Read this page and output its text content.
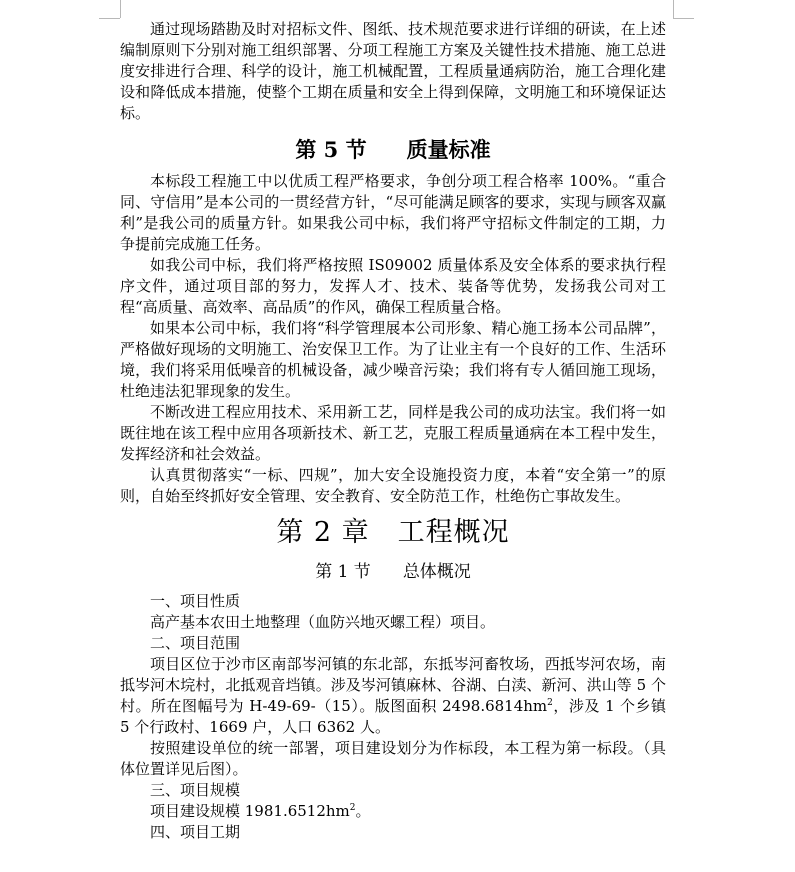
通过现场踏勘及时对招标文件、图纸、技术规范要求进行详细的研读，在上述编制原则下分别对施工组织部署、分项工程施工方案及关键性技术措施、施工总进度安排进行合理、科学的设计，施工机械配置，工程质量通病防治，施工合理化建设和降低成本措施，使整个工期在质量和安全上得到保障，文明施工和环境保证达标。

第 5 节 质量标准

本标段工程施工中以优质工程严格要求，争创分项工程合格率 100%。“重合同、守信用”是本公司的一贯经营方针，“尽可能满足顾客的要求，实现与顾客双赢利”是我公司的质量方针。如果我公司中标，我们将严守招标文件制定的工期，力争提前完成施工任务。

如我公司中标，我们将严格按照 IS09002 质量体系及安全体系的要求执行程序文件，通过项目部的努力，发挥人才、技术、装备等优势，发扬我公司对工程“高质量、高效率、高品质”的作风，确保工程质量合格。

如果本公司中标，我们将“科学管理展本公司形象、精心施工扬本公司品牌”，严格做好现场的文明施工、治安保卫工作。为了让业主有一个良好的工作、生活环境，我们将采用低噪音的机械设备，减少噪音污染；我们将有专人循回施工现场，杜绝违法犯罪现象的发生。

不断改进工程应用技术、采用新工艺，同样是我公司的成功法宝。我们将一如既往地在该工程中应用各项新技术、新工艺，克服工程质量通病在本工程中发生，发挥经济和社会效益。

认真贯彻落实“一标、四规”，加大安全设施投资力度，本着“安全第一”的原则，自始至终抓好安全管理、安全教育、安全防范工作，杜绝伤亡事故发生。

第 2 章 工程概况
第 1 节 总体概况

一、项目性质

高产基本农田土地整理（血防兴地灭螺工程）项目。

二、项目范围

项目区位于沙市区南部岑河镇的东北部，东抵岑河畜牧场，西抵岑河农场，南抵岑河木垸村，北抵观音垱镇。涉及岑河镇麻林、谷湖、白渎、新河、洪山等 5 个村。所在图幅号为 H-49-69-（15）。版图面积 $2498.6814hm^2$，涉及 1 个乡镇 5 个行政村、1669 户，人口 6362 人。

按照建设单位的统一部署，项目建设划分为作标段，本工程为第一标段。（具体位置详见后图）。

三、项目规模

项目建设规模 $1981.6512hm^2$。

四、项目工期
